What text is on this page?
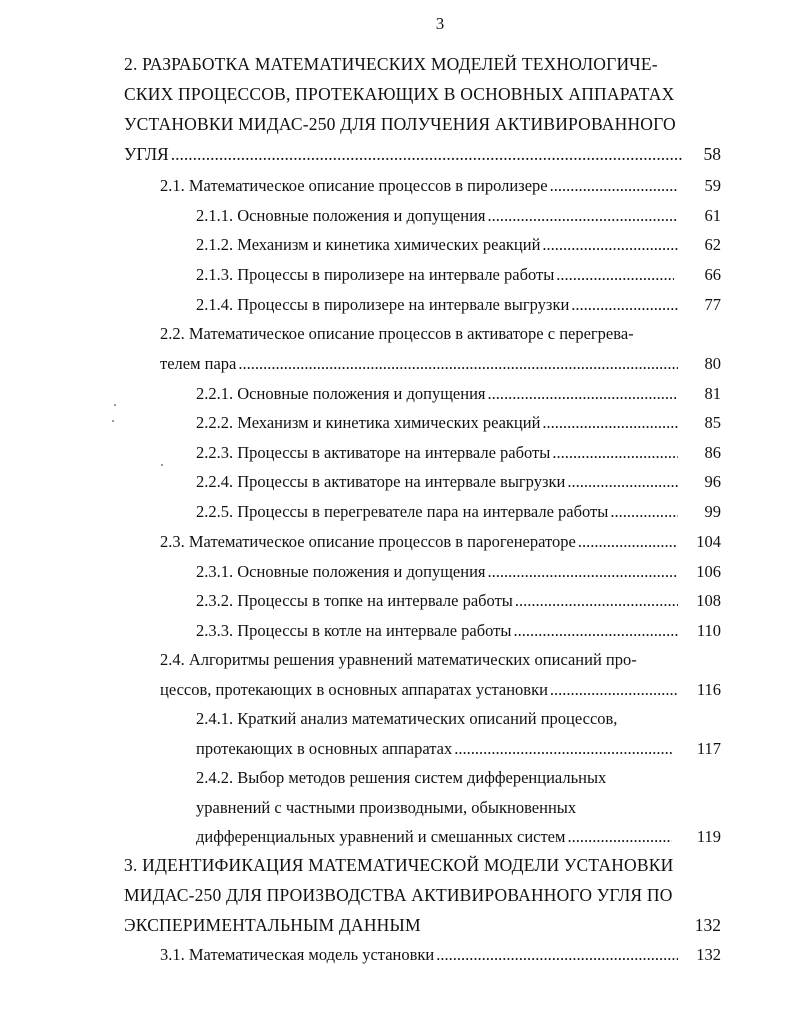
3
2. РАЗРАБОТКА МАТЕМАТИЧЕСКИХ МОДЕЛЕЙ ТЕХНОЛОГИЧЕ-
СКИХ ПРОЦЕССОВ, ПРОТЕКАЮЩИХ В ОСНОВНЫХ АППАРАТАХ
УСТАНОВКИ МИДАС-250 ДЛЯ ПОЛУЧЕНИЯ АКТИВИРОВАННОГО
УГЛЯ .....	58
2.1. Математическое описание процессов в пиролизере .....	59
2.1.1. Основные положения и допущения .....	61
2.1.2. Механизм и кинетика химических реакций .....	62
2.1.3. Процессы в пиролизере на интервале работы .....	66
2.1.4. Процессы в пиролизере на интервале выгрузки .....	77
2.2. Математическое описание процессов в активаторе с перегрева-
телем пара .....	80
2.2.1. Основные положения и допущения .....	81
2.2.2. Механизм и кинетика химических реакций .....	85
2.2.3. Процессы в активаторе на интервале работы .....	86
2.2.4. Процессы в активаторе на интервале выгрузки .....	96
2.2.5. Процессы в перегревателе пара на интервале работы .....	99
2.3. Математическое описание процессов в парогенераторе .....	104
2.3.1. Основные положения и допущения .....	106
2.3.2. Процессы в топке на интервале работы .....	108
2.3.3. Процессы в котле на интервале работы .....	110
2.4. Алгоритмы решения уравнений математических описаний про-
цессов, протекающих в основных аппаратах установки .....	116
2.4.1. Краткий анализ математических описаний процессов,
протекающих в основных аппаратах .....	117
2.4.2. Выбор методов решения систем дифференциальных
уравнений с частными производными, обыкновенных
дифференциальных уравнений и смешанных систем .....	119
3. ИДЕНТИФИКАЦИЯ МАТЕМАТИЧЕСКОЙ МОДЕЛИ УСТАНОВКИ
МИДАС-250 ДЛЯ ПРОИЗВОДСТВА АКТИВИРОВАННОГО УГЛЯ ПО
ЭКСПЕРИМЕНТАЛЬНЫМ ДАННЫМ	132
3.1. Математическая модель установки .....	132
